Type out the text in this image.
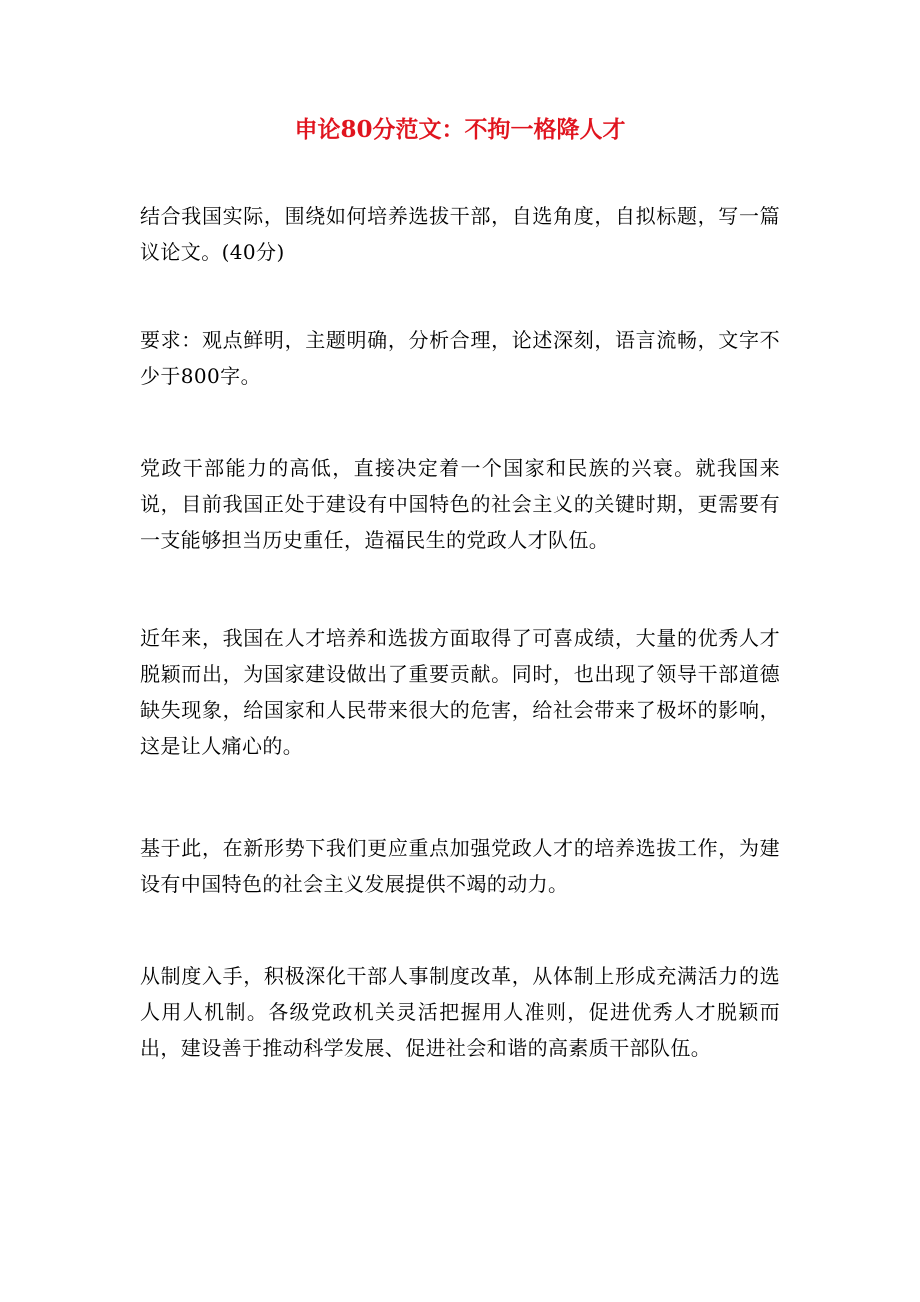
申论80分范文：不拘一格降人才

结合我国实际，围绕如何培养选拔干部，自选角度，自拟标题，写一篇议论文。(40分)

要求：观点鲜明，主题明确，分析合理，论述深刻，语言流畅，文字不少于800字。

党政干部能力的高低，直接决定着一个国家和民族的兴衰。就我国来说，目前我国正处于建设有中国特色的社会主义的关键时期，更需要有一支能够担当历史重任，造福民生的党政人才队伍。

近年来，我国在人才培养和选拔方面取得了可喜成绩，大量的优秀人才脱颖而出，为国家建设做出了重要贡献。同时，也出现了领导干部道德缺失现象，给国家和人民带来很大的危害，给社会带来了极坏的影响，这是让人痛心的。

基于此，在新形势下我们更应重点加强党政人才的培养选拔工作，为建设有中国特色的社会主义发展提供不竭的动力。

从制度入手，积极深化干部人事制度改革，从体制上形成充满活力的选人用人机制。各级党政机关灵活把握用人准则，促进优秀人才脱颖而出，建设善于推动科学发展、促进社会和谐的高素质干部队伍。
